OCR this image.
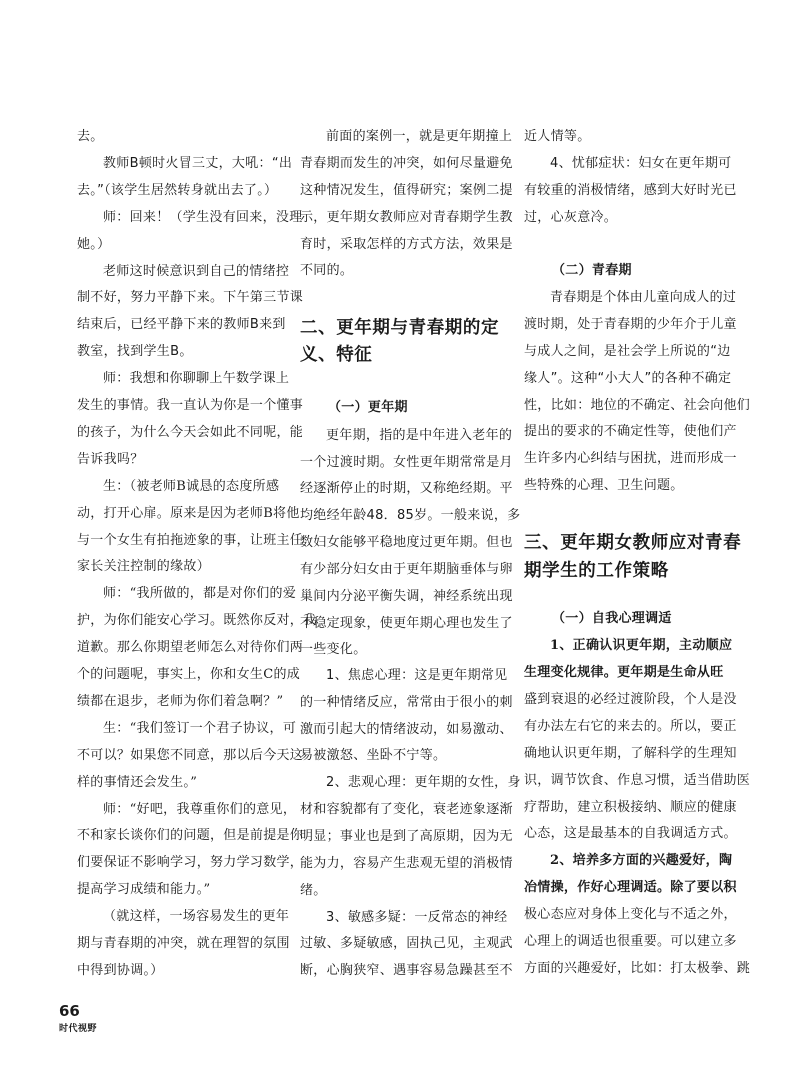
去。
教师B顿时火冒三丈，大吼：“出
去。”（该学生居然转身就出去了。）
师：回来！（学生没有回来，没理
她。）
老师这时候意识到自己的情绪控
制不好，努力平静下来。下午第三节课
结束后，已经平静下来的教师B来到
教室，找到学生B。
师：我想和你聊聊上午数学课上
发生的事情。我一直认为你是一个懂事
的孩子，为什么今天会如此不同呢，能
告诉我吗？
生：（被老师B诚恳的态度所感
动，打开心扉。原来是因为老师B将他
与一个女生有拍拖迹象的事，让班主任
家长关注控制的缘故）
师：“我所做的，都是对你们的爱
护，为你们能安心学习。既然你反对，我
道歉。那么你期望老师怎么对待你们两
个的问题呢，事实上，你和女生C的成
绩都在退步，老师为你们着急啊？”
生：“我们签订一个君子协议，可
不可以？如果您不同意，那以后今天这
样的事情还会发生。”
师：“好吧，我尊重你们的意见，
不和家长谈你们的问题，但是前提是你
们要保证不影响学习，努力学习数学，
提高学习成绩和能力。”
（就这样，一场容易发生的更年
期与青春期的冲突，就在理智的氛围
中得到协调。）
前面的案例一，就是更年期撞上
青春期而发生的冲突，如何尽量避免
这种情况发生，值得研究；案例二提
示，更年期女教师应对青春期学生教
育时，采取怎样的方式方法，效果是
不同的。
二、更年期与青春期的定
义、特征
（一）更年期
更年期，指的是中年进入老年的
一个过渡时期。女性更年期常常是月
经逐渐停止的时期，又称绝经期。平
均绝经年龄48．85岁。一般来说，多
数妇女能够平稳地度过更年期。但也
有少部分妇女由于更年期脑垂体与卵
巢间内分泌平衡失调，神经系统出现
不稳定现象，使更年期心理也发生了
一些变化。
1、焦虑心理：这是更年期常见
的一种情绪反应，常常由于很小的刺
激而引起大的情绪波动，如易激动、
易被激怒、坐卧不宁等。
2、悲观心理：更年期的女性，身
材和容貌都有了变化，衰老迹象逐渐
明显；事业也是到了高原期，因为无
能为力，容易产生悲观无望的消极情
绪。
3、敏感多疑：一反常态的神经
过敏、多疑敏感，固执己见，主观武
断，心胸狭窄、遇事容易急躁甚至不
近人情等。
4、忧郁症状：妇女在更年期可
有较重的消极情绪，感到大好时光已
过，心灰意冷。
（二）青春期
青春期是个体由儿童向成人的过
渡时期，处于青春期的少年介于儿童
与成人之间，是社会学上所说的“边
缘人”。这种“小大人”的各种不确定
性，比如：地位的不确定、社会向他们
提出的要求的不确定性等，使他们产
生许多内心纠结与困扰，进而形成一
些特殊的心理、卫生问题。
三、更年期女教师应对青春
期学生的工作策略
（一）自我心理调适
1、正确认识更年期，主动顺应
生理变化规律。更年期是生命从旺
盛到衰退的必经过渡阶段，个人是没
有办法左右它的来去的。所以，要正
确地认识更年期，了解科学的生理知
识，调节饮食、作息习惯，适当借助医
疗帮助，建立积极接纳、顺应的健康
心态，这是最基本的自我调适方式。
2、培养多方面的兴趣爱好，陶
冶情操，作好心理调适。除了要以积
极心态应对身体上变化与不适之外，
心理上的调适也很重要。可以建立多
方面的兴趣爱好，比如：打太极拳、跳
66
时代视野
